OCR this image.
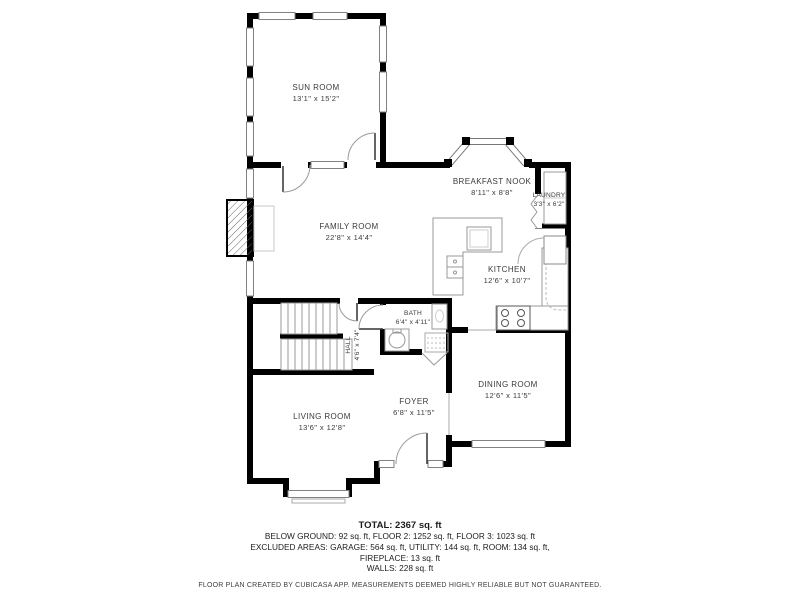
SUN ROOM
13'1" x 15'2"
FAMILY ROOM
22'8" x 14'4"
BREAKFAST NOOK
8'11" x 8'8"	LAUNDRY
3'3" x 6'2"
KITCHEN
12'6" x 10'7"
BATH
6'4" x 4'11"
HALL 4'6" x 7'4"
LIVING ROOM
13'6" x 12'8"
FOYER
6'8" x 11'5"
DINING ROOM
12'6" x 11'5"
TOTAL: 2367 sq. ft
BELOW GROUND: 92 sq. ft, FLOOR 2: 1252 sq. ft, FLOOR 3: 1023 sq. ft
EXCLUDED AREAS: GARAGE: 564 sq. ft, UTILITY: 144 sq. ft, ROOM: 134 sq. ft,
FIREPLACE: 13 sq. ft
WALLS: 228 sq. ft
FLOOR PLAN CREATED BY CUBICASA APP. MEASUREMENTS DEEMED HIGHLY RELIABLE BUT NOT GUARANTEED.
